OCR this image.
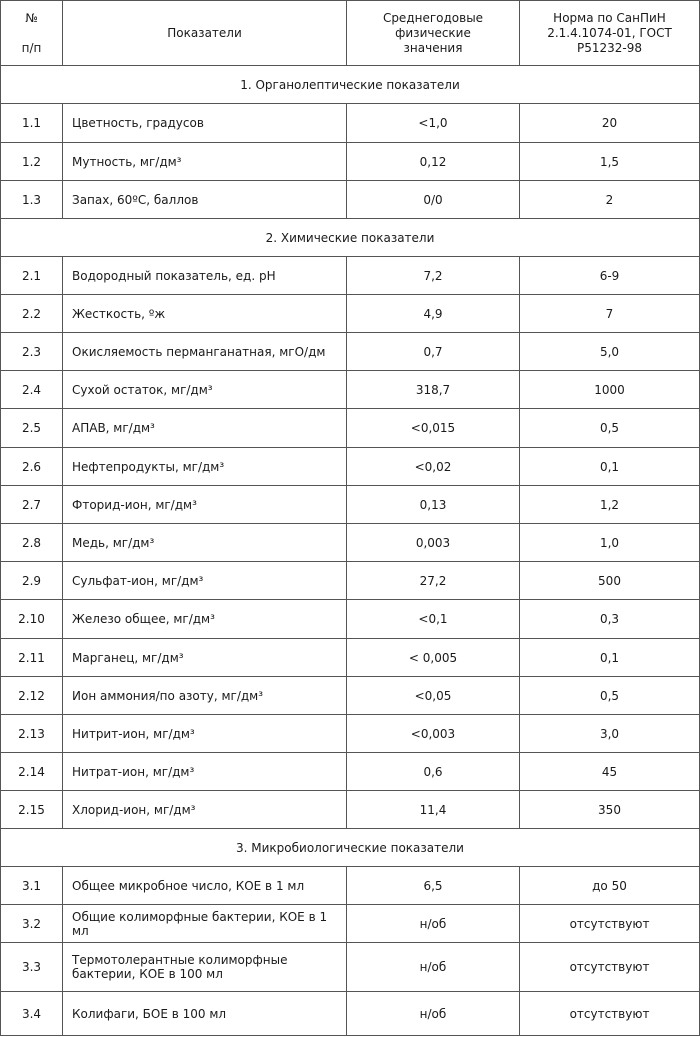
№

п/п	Показатели	Среднегодовые физические значения	Норма по СанПиН 2.1.4.1074-01, ГОСТ Р51232-98
1. Органолептические показатели			
1.1	Цветность, градусов	<1,0	20
1.2	Мутность, мг/дм³	0,12	1,5
1.3	Запах, 60ºС, баллов	0/0	2
2. Химические показатели			
2.1	Водородный показатель, ед. рН	7,2	6-9
2.2	Жесткость, ºж	4,9	7
2.3	Окисляемость перманганатная, мгО/дм	0,7	5,0
2.4	Сухой остаток, мг/дм³	318,7	1000
2.5	АПАВ, мг/дм³	<0,015	0,5
2.6	Нефтепродукты, мг/дм³	<0,02	0,1
2.7	Фторид-ион, мг/дм³	0,13	1,2
2.8	Медь, мг/дм³	0,003	1,0
2.9	Сульфат-ион, мг/дм³	27,2	500
2.10	Железо общее, мг/дм³	<0,1	0,3
2.11	Марганец, мг/дм³	< 0,005	0,1
2.12	Ион аммония/по азоту, мг/дм³	<0,05	0,5
2.13	Нитрит-ион, мг/дм³	<0,003	3,0
2.14	Нитрат-ион, мг/дм³	0,6	45
2.15	Хлорид-ион, мг/дм³	11,4	350
3. Микробиологические показатели			
3.1	Общее микробное число, КОЕ в 1 мл	6,5	до 50
3.2	Общие колиморфные бактерии, КОЕ в 1 мл	н/об	отсутствуют
3.3	Термотолерантные колиморфные бактерии, КОЕ в 100 мл	н/об	отсутствуют
3.4	Колифаги, БОЕ в 100 мл	н/об	отсутствуют
